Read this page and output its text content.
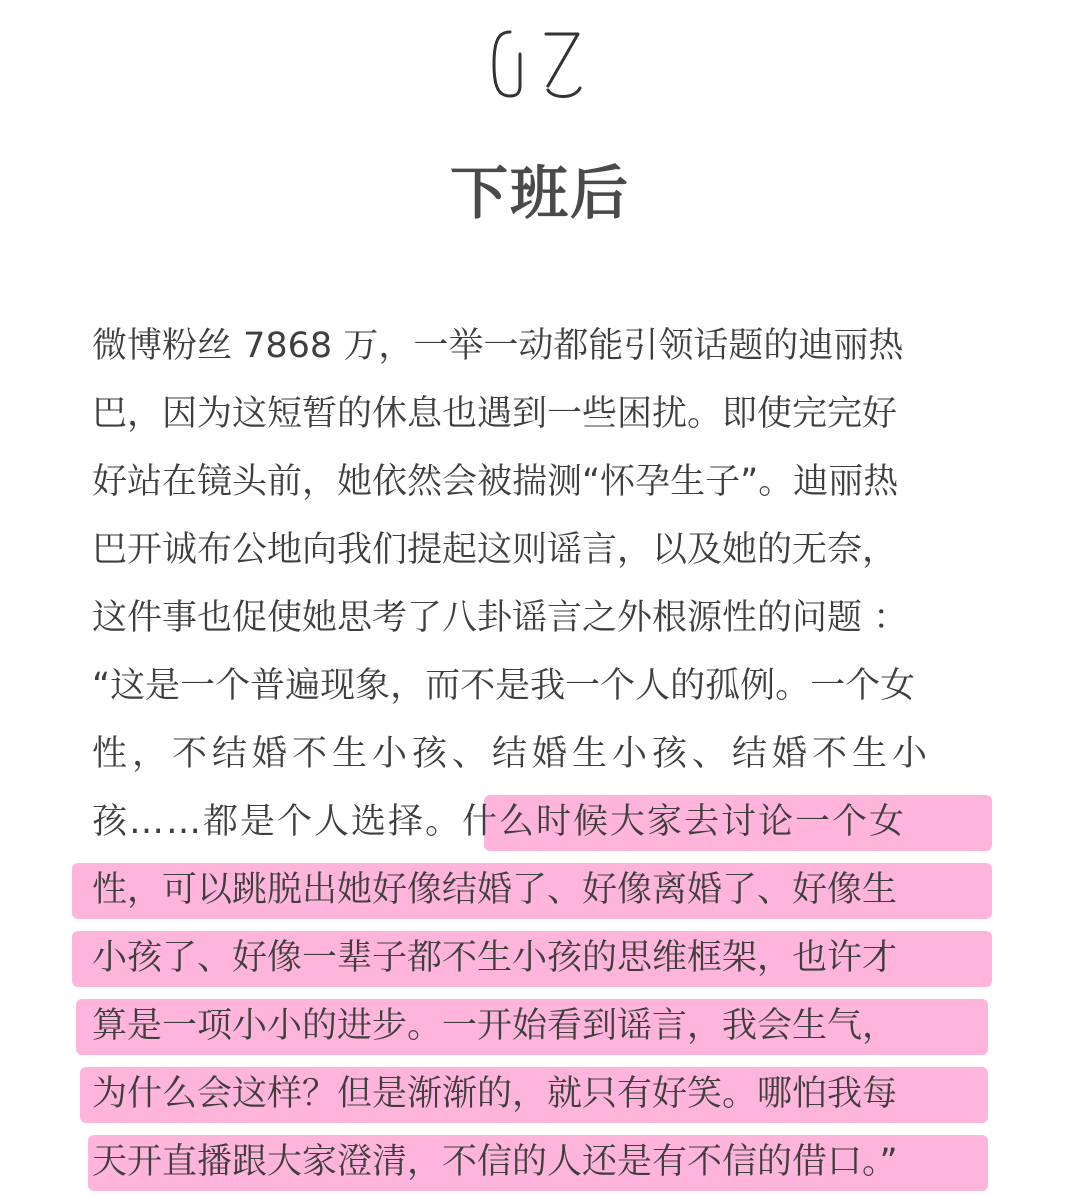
下班后
微博粉丝 7868 万，一举一动都能引领话题的迪丽热
巴，因为这短暂的休息也遇到一些困扰。即使完完好
好站在镜头前，她依然会被揣测“怀孕生子”。迪丽热
巴开诚布公地向我们提起这则谣言，以及她的无奈，
这件事也促使她思考了八卦谣言之外根源性的问题 ：
“这是一个普遍现象，而不是我一个人的孤例。一个女
性，不结婚不生小孩、结婚生小孩、结婚不生小
孩……都是个人选择。什么时候大家去讨论一个女
性，可以跳脱出她好像结婚了、好像离婚了、好像生
小孩了、好像一辈子都不生小孩的思维框架，也许才
算是一项小小的进步。一开始看到谣言，我会生气，
为什么会这样？但是渐渐的，就只有好笑。哪怕我每
天开直播跟大家澄清，不信的人还是有不信的借口。”
